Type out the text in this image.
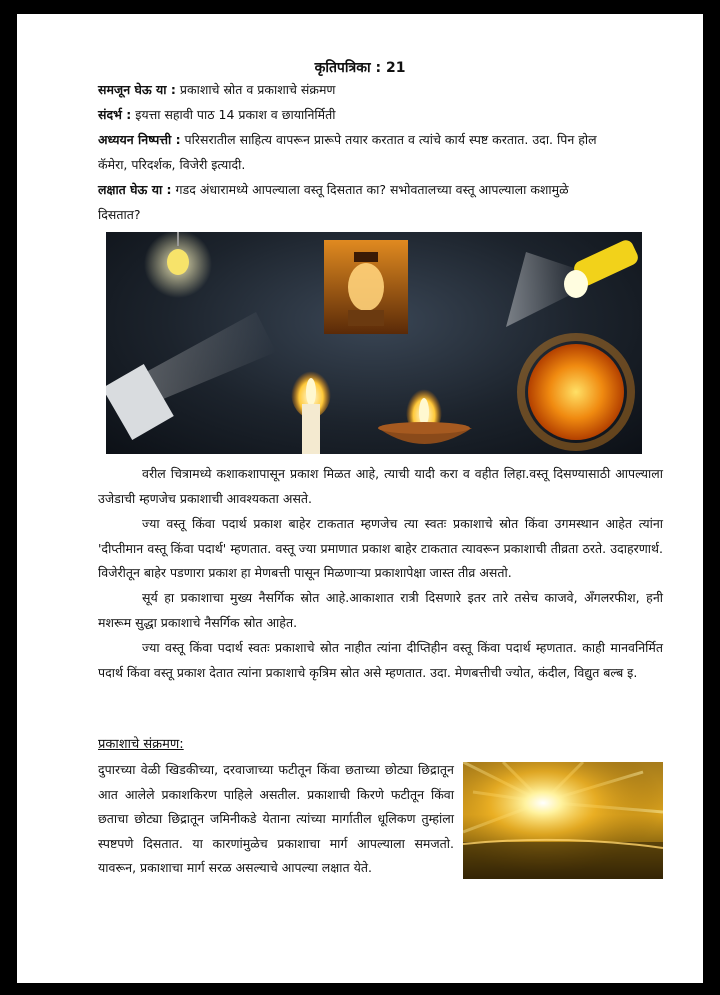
कृतिपत्रिका : 21
समजून घेऊ या : प्रकाशाचे स्रोत व प्रकाशाचे संक्रमण
संदर्भ : इयत्ता सहावी पाठ 14 प्रकाश व छायानिर्मिती
अध्ययन निष्पत्ती : परिसरातील साहित्य वापरून प्रारूपे तयार करतात व त्यांचे कार्य स्पष्ट करतात. उदा. पिन होल
कॅमेरा, परिदर्शक, विजेरी इत्यादी.
लक्षात घेऊ या : गडद अंधारामध्ये आपल्याला वस्तू दिसतात का? सभोवतालच्या वस्तू आपल्याला कशामुळे
दिसतात?
वरील चित्रामध्ये कशाकशापासून प्रकाश मिळत आहे, त्याची यादी करा व वहीत लिहा.वस्तू दिसण्यासाठी आपल्याला उजेडाची म्हणजेच प्रकाशाची आवश्यकता असते.
ज्या वस्तू किंवा पदार्थ प्रकाश बाहेर टाकतात म्हणजेच त्या स्वतः प्रकाशाचे स्रोत किंवा उगमस्थान आहेत त्यांना 'दीप्तीमान वस्तू किंवा पदार्थ' म्हणतात. वस्तू ज्या प्रमाणात प्रकाश बाहेर टाकतात त्यावरून प्रकाशाची तीव्रता ठरते. उदाहरणार्थ. विजेरीतून बाहेर पडणारा प्रकाश हा मेणबत्ती पासून मिळणाऱ्या प्रकाशापेक्षा जास्त तीव्र असतो.
सूर्य हा प्रकाशाचा मुख्य नैसर्गिक स्रोत आहे.आकाशात रात्री दिसणारे इतर तारे तसेच काजवे, अँगलरफीश, हनी मशरूम सुद्धा प्रकाशाचे नैसर्गिक स्रोत आहेत.
ज्या वस्तू किंवा पदार्थ स्वतः प्रकाशाचे स्रोत नाहीत त्यांना दीप्तिहीन वस्तू किंवा पदार्थ म्हणतात. काही मानवनिर्मित पदार्थ किंवा वस्तू प्रकाश देतात त्यांना प्रकाशाचे कृत्रिम स्रोत असे म्हणतात. उदा. मेणबत्तीची ज्योत, कंदील, विद्युत बल्ब इ.
प्रकाशाचे संक्रमण:
दुपारच्या वेळी खिडकीच्या, दरवाजाच्या फटीतून किंवा छताच्या छोट्या छिद्रातून आत आलेले प्रकाशकिरण पाहिले असतील. प्रकाशाची किरणे फटीतून किंवा छताचा छोट्या छिद्रातून जमिनीकडे येताना त्यांच्या मार्गातील धूलिकण तुम्हांला स्पष्टपणे दिसतात. या कारणांमुळेच प्रकाशाचा मार्ग आपल्याला समजतो. यावरून, प्रकाशाचा मार्ग सरळ असल्याचे आपल्या लक्षात येते.
